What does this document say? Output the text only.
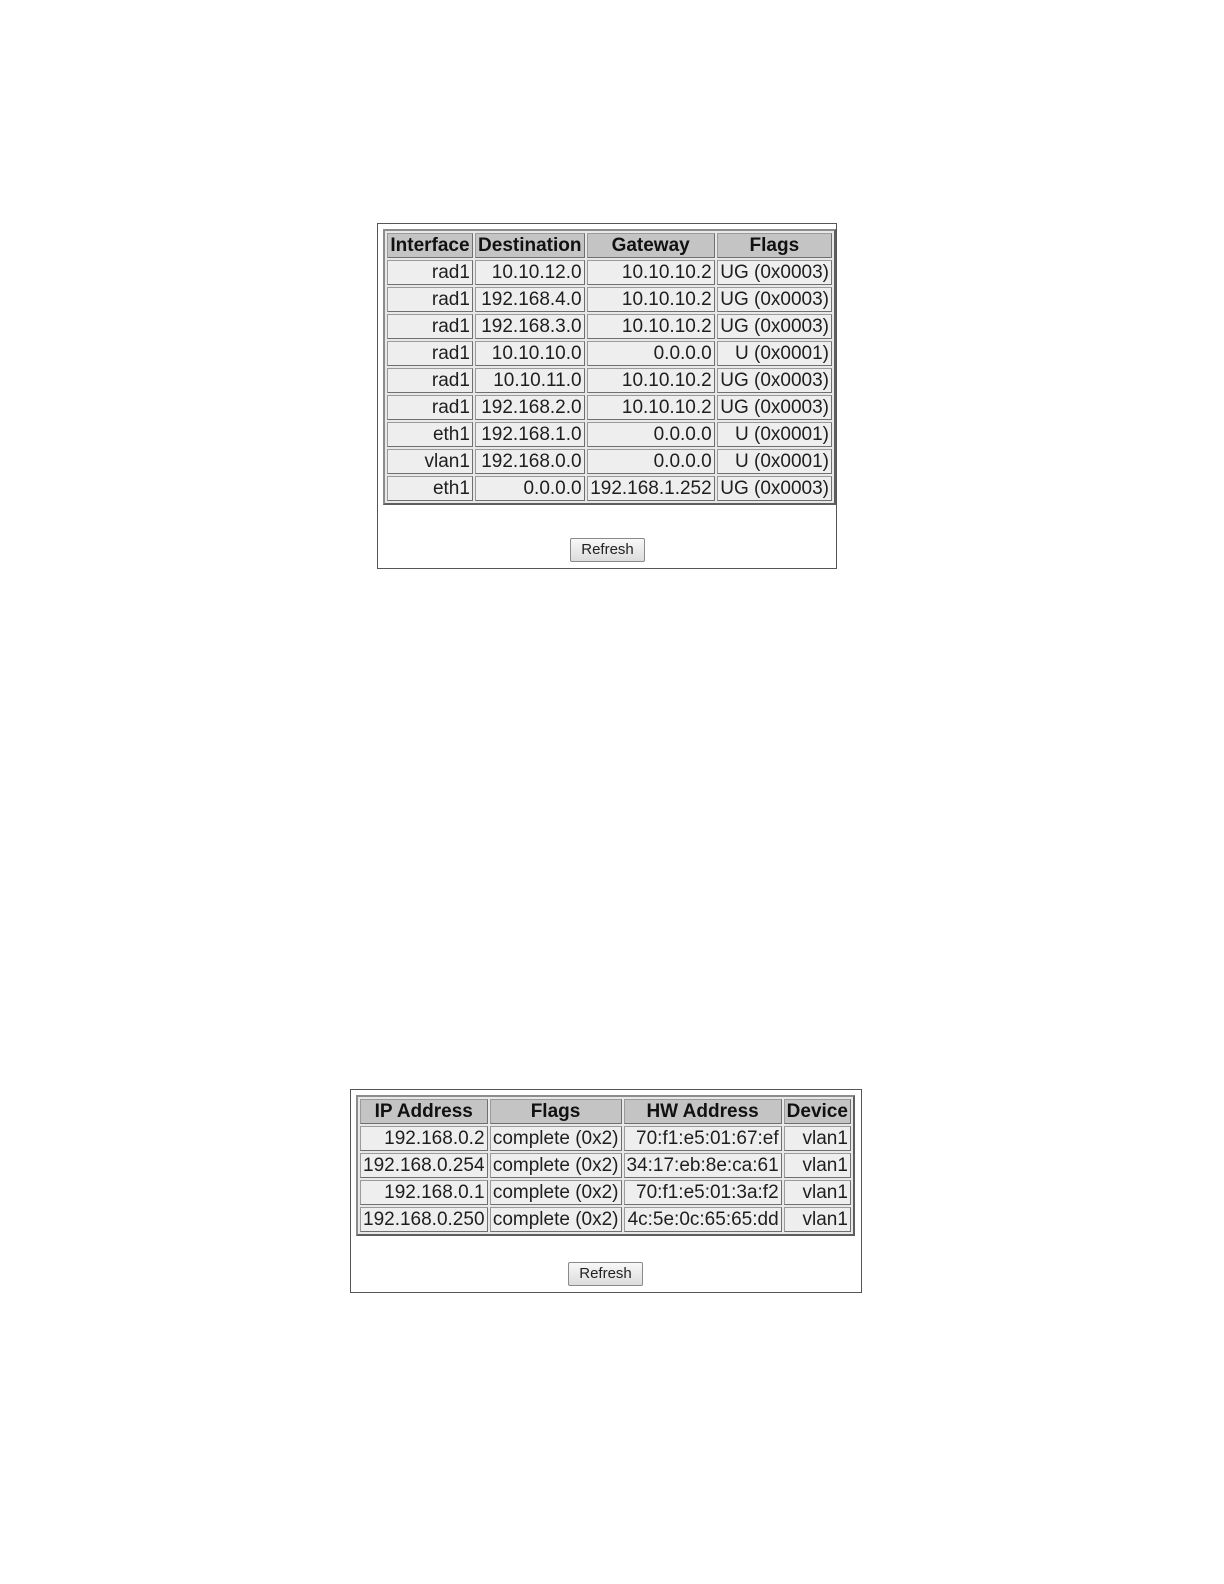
Interface	Destination	Gateway	Flags
rad1	10.10.12.0	10.10.10.2	UG (0x0003)
rad1	192.168.4.0	10.10.10.2	UG (0x0003)
rad1	192.168.3.0	10.10.10.2	UG (0x0003)
rad1	10.10.10.0	0.0.0.0	U (0x0001)
rad1	10.10.11.0	10.10.10.2	UG (0x0003)
rad1	192.168.2.0	10.10.10.2	UG (0x0003)
eth1	192.168.1.0	0.0.0.0	U (0x0001)
vlan1	192.168.0.0	0.0.0.0	U (0x0001)
eth1	0.0.0.0	192.168.1.252	UG (0x0003)
Refresh
IP Address	Flags	HW Address	Device
192.168.0.2	complete (0x2)	70:f1:e5:01:67:ef	vlan1
192.168.0.254	complete (0x2)	34:17:eb:8e:ca:61	vlan1
192.168.0.1	complete (0x2)	70:f1:e5:01:3a:f2	vlan1
192.168.0.250	complete (0x2)	4c:5e:0c:65:65:dd	vlan1
Refresh
